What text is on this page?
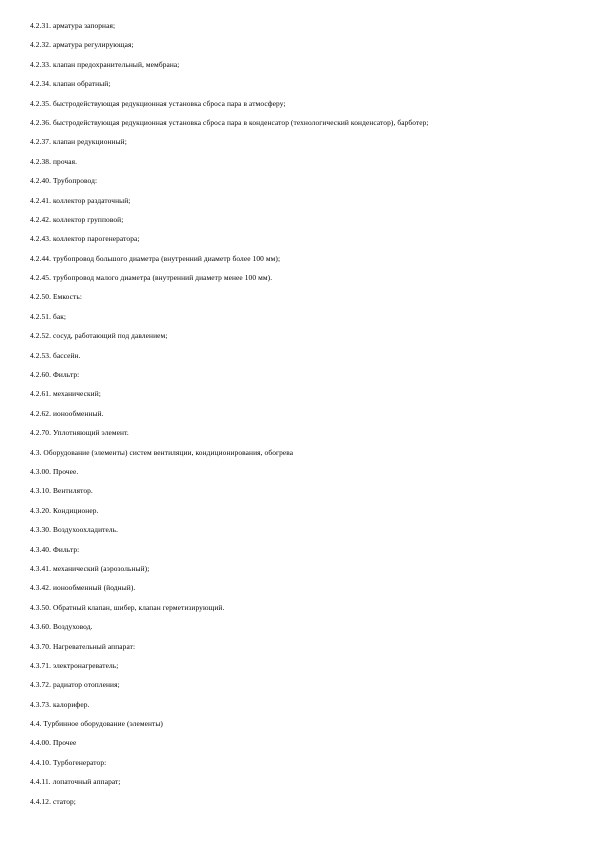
4.2.31. арматура запорная;
4.2.32. арматура регулирующая;
4.2.33. клапан предохранительный, мембрана;
4.2.34. клапан обратный;
4.2.35. быстродействующая редукционная установка сброса пара в атмосферу;
4.2.36. быстродействующая редукционная установка сброса пара в конденсатор (технологический конденсатор), барботер;
4.2.37. клапан редукционный;
4.2.38. прочая.
4.2.40. Трубопровод:
4.2.41. коллектор раздаточный;
4.2.42. коллектор групповой;
4.2.43. коллектор парогенератора;
4.2.44. трубопровод большого диаметра (внутренний диаметр более 100 мм);
4.2.45. трубопровод малого диаметра (внутренний диаметр менее 100 мм).
4.2.50. Емкость:
4.2.51. бак;
4.2.52. сосуд, работающий под давлением;
4.2.53. бассейн.
4.2.60. Фильтр:
4.2.61. механический;
4.2.62. ионообменный.
4.2.70. Уплотняющий элемент.
4.3. Оборудование (элементы) систем вентиляции, кондиционирования, обогрева
4.3.00. Прочее.
4.3.10. Вентилятор.
4.3.20. Кондиционер.
4.3.30. Воздухоохладитель.
4.3.40. Фильтр:
4.3.41. механический (аэрозольный);
4.3.42. ионообменный (йодный).
4.3.50. Обратный клапан, шибер, клапан герметизирующий.
4.3.60. Воздуховод.
4.3.70. Нагревательный аппарат:
4.3.71. электронагреватель;
4.3.72. радиатор отопления;
4.3.73. калорифер.
4.4. Турбинное оборудование (элементы)
4.4.00. Прочее
4.4.10. Турбогенератор:
4.4.11. лопаточный аппарат;
4.4.12. статор;
